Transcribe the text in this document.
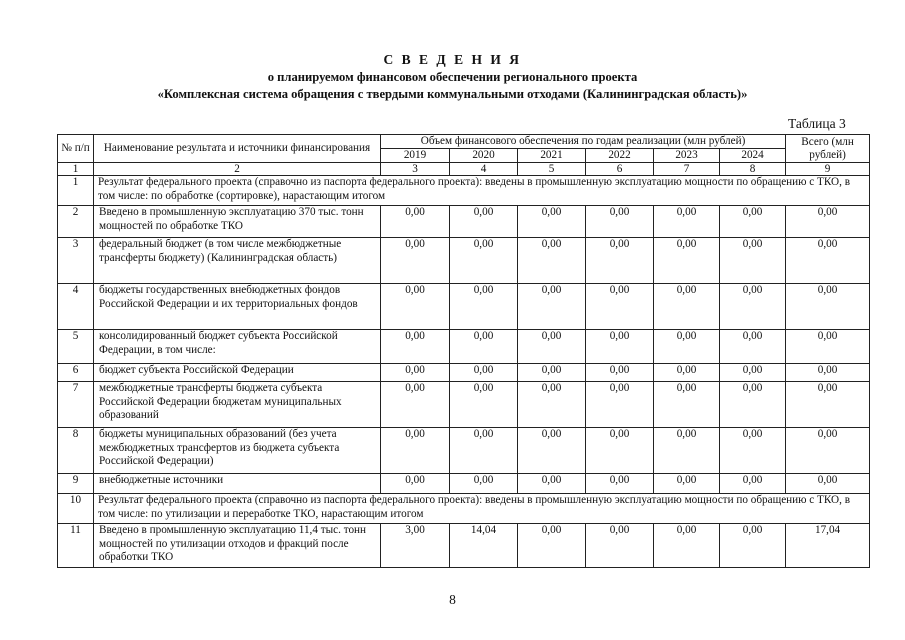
С В Е Д Е Н И Я
о планируемом финансовом обеспечении регионального проекта
«Комплексная система обращения с твердыми коммунальными отходами (Калининградская область)»
Таблица 3
№ п/п	Наименование результата и источники финансирования	Объем финансового обеспечения по годам реализации (млн рублей)						Всего (млн рублей)
		2019	2020	2021	2022	2023	2024	
1	2	3	4	5	6	7	8	9
1	Результат федерального проекта (справочно из паспорта федерального проекта): введены в промышленную эксплуатацию мощности по обращению с ТКО, в том числе: по обработке (сортировке), нарастающим итогом							
2	Введено в промышленную эксплуатацию 370 тыс. тонн мощностей по обработке ТКО	0,00	0,00	0,00	0,00	0,00	0,00	0,00
3	федеральный бюджет (в том числе межбюджетные трансферты бюджету) (Калининградская область)	0,00	0,00	0,00	0,00	0,00	0,00	0,00
4	бюджеты государственных внебюджетных фондов Российской Федерации и их территориальных фондов	0,00	0,00	0,00	0,00	0,00	0,00	0,00
5	консолидированный бюджет субъекта Российской Федерации, в том числе:	0,00	0,00	0,00	0,00	0,00	0,00	0,00
6	бюджет субъекта Российской Федерации	0,00	0,00	0,00	0,00	0,00	0,00	0,00
7	межбюджетные трансферты бюджета субъекта Российской Федерации бюджетам муниципальных образований	0,00	0,00	0,00	0,00	0,00	0,00	0,00
8	бюджеты муниципальных образований (без учета межбюджетных трансфертов из бюджета субъекта Российской Федерации)	0,00	0,00	0,00	0,00	0,00	0,00	0,00
9	внебюджетные источники	0,00	0,00	0,00	0,00	0,00	0,00	0,00
10	Результат федерального проекта (справочно из паспорта федерального проекта): введены в промышленную эксплуатацию мощности по обращению с ТКО, в том числе: по утилизации и переработке ТКО, нарастающим итогом							
11	Введено в промышленную эксплуатацию 11,4 тыс. тонн мощностей по утилизации отходов и фракций после обработки ТКО	3,00	14,04	0,00	0,00	0,00	0,00	17,04
8
